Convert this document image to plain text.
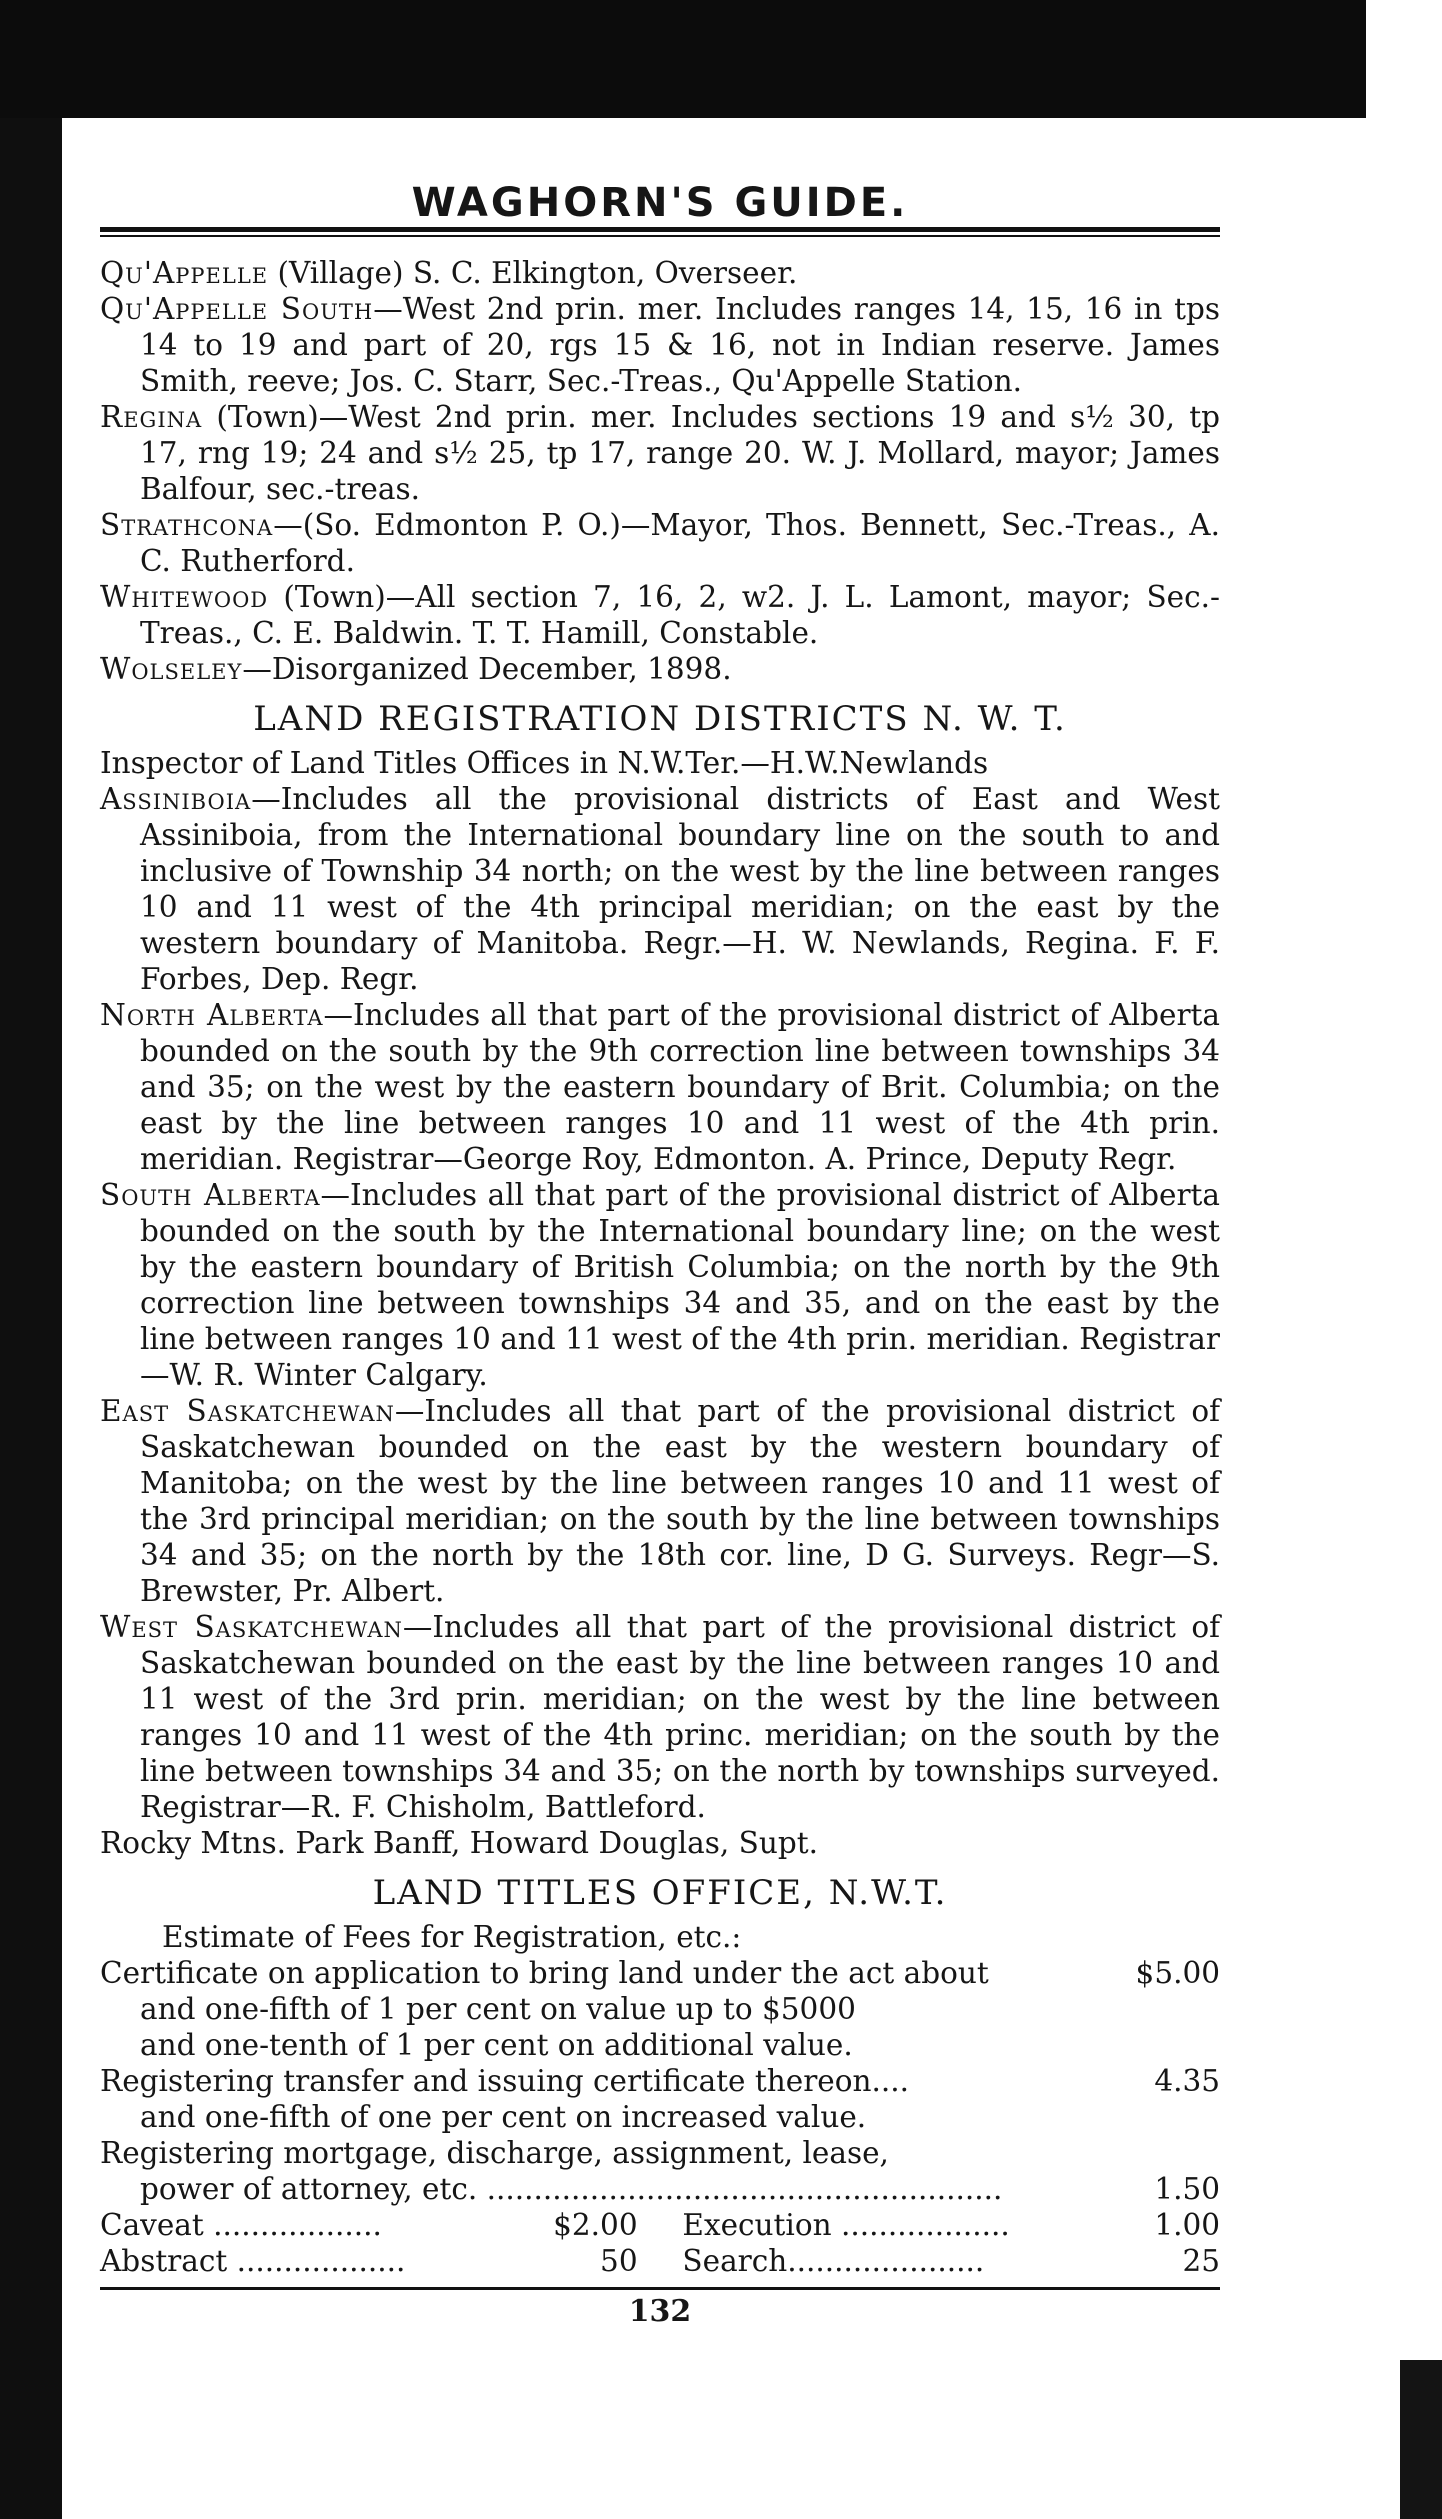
WAGHORN'S GUIDE.

Qu'Appelle (Village) S. C. Elkington, Overseer.

Qu'Appelle South—West 2nd prin. mer. Includes ranges 14, 15, 16 in tps 14 to 19 and part of 20, rgs 15 & 16, not in Indian reserve. James Smith, reeve; Jos. C. Starr, Sec.-Treas., Qu'Appelle Station.

Regina (Town)—West 2nd prin. mer. Includes sections 19 and s½ 30, tp 17, rng 19; 24 and s½ 25, tp 17, range 20. W. J. Mollard, mayor; James Balfour, sec.-treas.

Strathcona—(So. Edmonton P. O.)—Mayor, Thos. Bennett, Sec.-Treas., A. C. Rutherford.

Whitewood (Town)—All section 7, 16, 2, w2. J. L. Lamont, mayor; Sec.-Treas., C. E. Baldwin. T. T. Hamill, Constable.

Wolseley—Disorganized December, 1898.

LAND REGISTRATION DISTRICTS N. W. T.

Inspector of Land Titles Offices in N.W.Ter.—H.W.Newlands

Assiniboia—Includes all the provisional districts of East and West Assiniboia, from the International boundary line on the south to and inclusive of Township 34 north; on the west by the line between ranges 10 and 11 west of the 4th principal meridian; on the east by the western boundary of Manitoba. Regr.—H. W. Newlands, Regina. F. F. Forbes, Dep. Regr.

North Alberta—Includes all that part of the provisional district of Alberta bounded on the south by the 9th correction line between townships 34 and 35; on the west by the eastern boundary of Brit. Columbia; on the east by the line between ranges 10 and 11 west of the 4th prin. meridian. Registrar—George Roy, Edmonton. A. Prince, Deputy Regr.

South Alberta—Includes all that part of the provisional district of Alberta bounded on the south by the International boundary line; on the west by the eastern boundary of British Columbia; on the north by the 9th correction line between townships 34 and 35, and on the east by the line between ranges 10 and 11 west of the 4th prin. meridian. Registrar—W. R. Winter Calgary.

East Saskatchewan—Includes all that part of the provisional district of Saskatchewan bounded on the east by the western boundary of Manitoba; on the west by the line between ranges 10 and 11 west of the 3rd principal meridian; on the south by the line between townships 34 and 35; on the north by the 18th cor. line, D G. Surveys. Regr—S. Brewster, Pr. Albert.

West Saskatchewan—Includes all that part of the provisional district of Saskatchewan bounded on the east by the line between ranges 10 and 11 west of the 3rd prin. meridian; on the west by the line between ranges 10 and 11 west of the 4th princ. meridian; on the south by the line between townships 34 and 35; on the north by townships surveyed. Registrar—R. F. Chisholm, Battleford.

Rocky Mtns. Park Banff, Howard Douglas, Supt.

LAND TITLES OFFICE, N.W.T.

Estimate of Fees for Registration, etc.:

Certificate on application to bring land under the act about	$5.00

and one-fifth of 1 per cent on value up to $5000

and one-tenth of 1 per cent on additional value.

Registering transfer and issuing certificate thereon....	4.35

and one-fifth of one per cent on increased value.

Registering mortgage, discharge, assignment, lease,

power of attorney, etc. .......................................................	1.50
Caveat ..................	$2.00 Execution ..................	1.00
Abstract ..................	50 Search.....................	25
132
